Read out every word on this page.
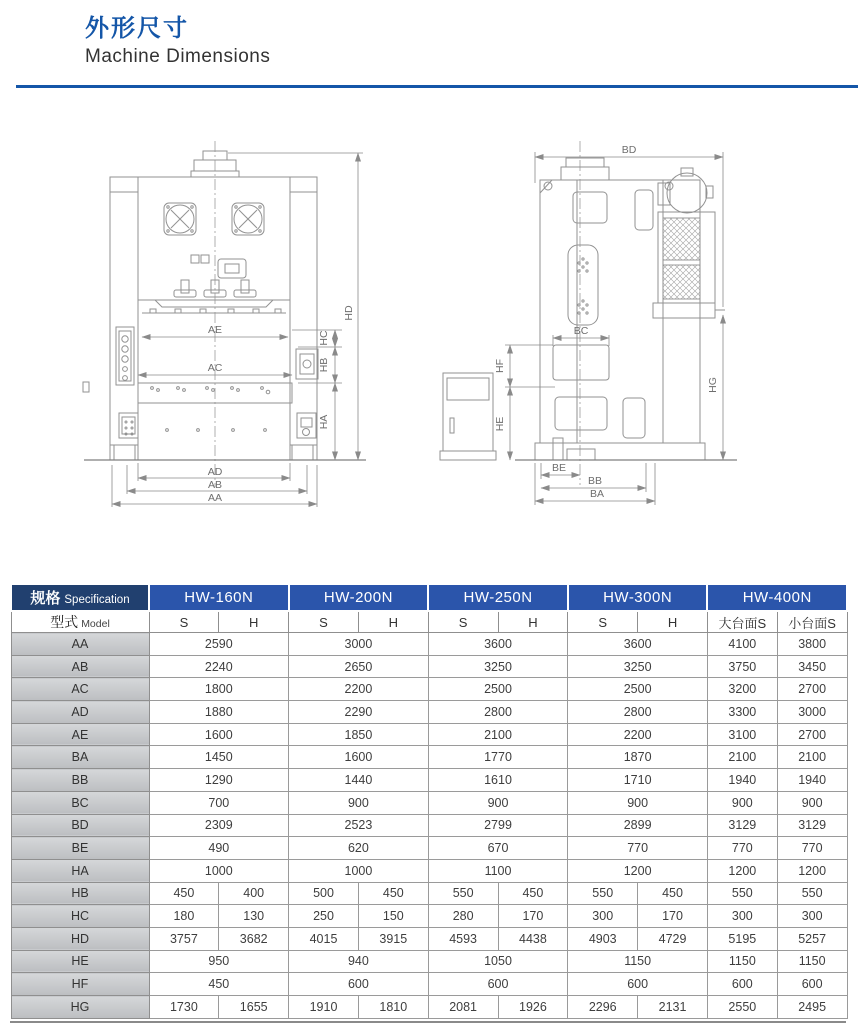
外形尺寸
Machine Dimensions
AE
AC
AD
AB
AA
HD
HC
HB
HA
BD
BC
HF
HE
HG
BE
BB
BA
规格 Specification	HW-160N		HW-200N		HW-250N		HW-300N		HW-400N	
型式 Model	S	H	S	H	S	H	S	H	大台面S	小台面S
AA	2590		3000		3600		3600		4100	3800
AB	2240		2650		3250		3250		3750	3450
AC	1800		2200		2500		2500		3200	2700
AD	1880		2290		2800		2800		3300	3000
AE	1600		1850		2100		2200		3100	2700
BA	1450		1600		1770		1870		2100	2100
BB	1290		1440		1610		1710		1940	1940
BC	700		900		900		900		900	900
BD	2309		2523		2799		2899		3129	3129
BE	490		620		670		770		770	770
HA	1000		1000		1100		1200		1200	1200
HB	450	400	500	450	550	450	550	450	550	550
HC	180	130	250	150	280	170	300	170	300	300
HD	3757	3682	4015	3915	4593	4438	4903	4729	5195	5257
HE	950		940		1050		1150		1150	1150
HF	450		600		600		600		600	600
HG	1730	1655	1910	1810	2081	1926	2296	2131	2550	2495
